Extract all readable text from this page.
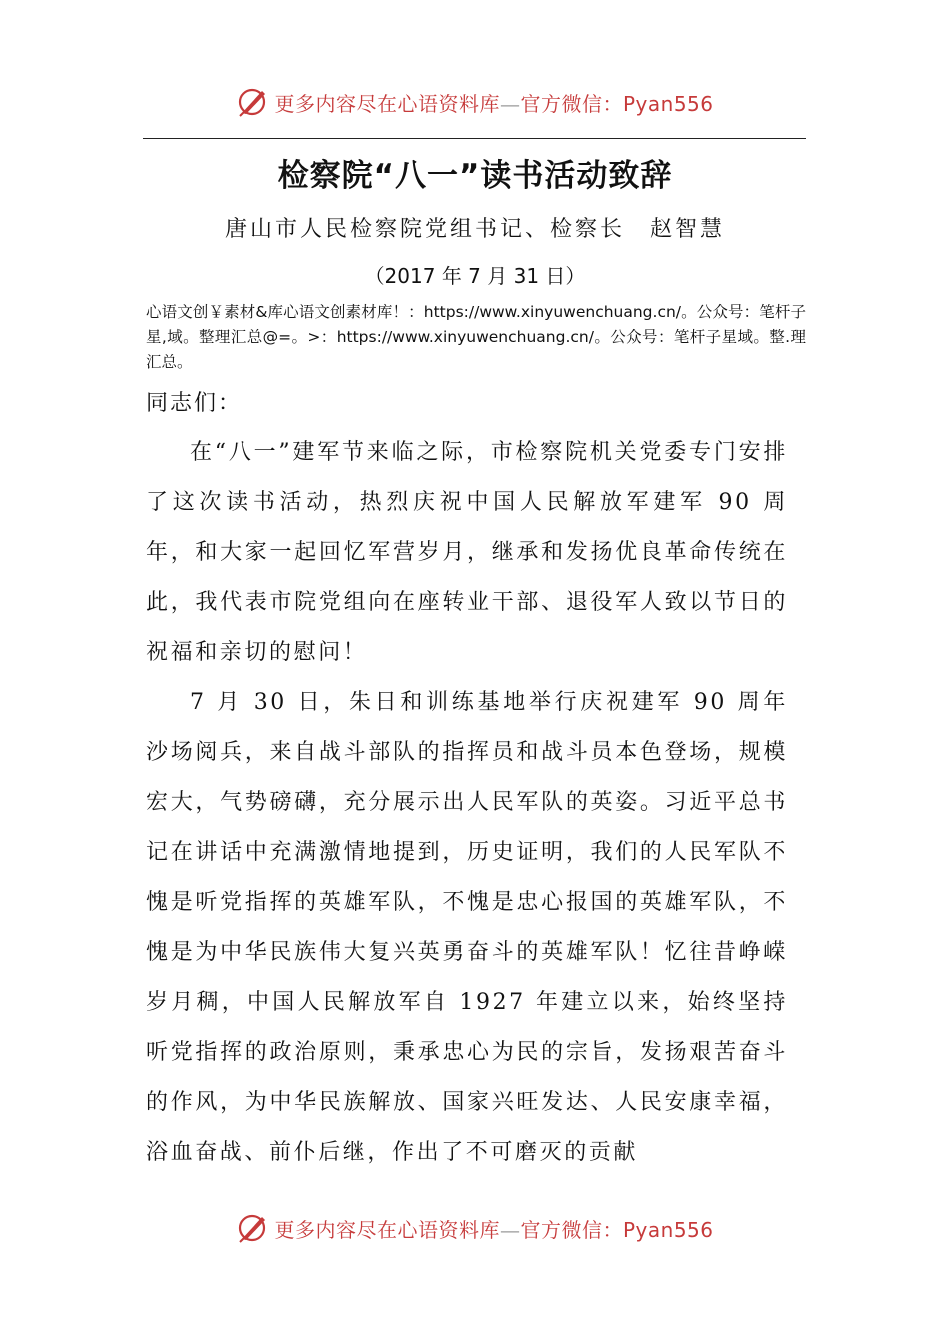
更多内容尽在心语资料库—官方微信：Pyan556
检察院“八一”读书活动致辞
唐山市人民检察院党组书记、检察长　赵智慧
（2017 年 7 月 31 日）
心语文创￥素材&库心语文创素材库！：https://www.xinyuwenchuang.cn/。公众号：笔杆子星,域。整理汇总@=。>：https://www.xinyuwenchuang.cn/。公众号：笔杆子星域。整.理汇总。
同志们：

在“八一”建军节来临之际，市检察院机关党委专门安排了这次读书活动，热烈庆祝中国人民解放军建军 90 周年，和大家一起回忆军营岁月，继承和发扬优良革命传统在此，我代表市院党组向在座转业干部、退役军人致以节日的祝福和亲切的慰问！

7 月 30 日，朱日和训练基地举行庆祝建军 90 周年沙场阅兵，来自战斗部队的指挥员和战斗员本色登场，规模宏大，气势磅礴，充分展示出人民军队的英姿。习近平总书记在讲话中充满激情地提到，历史证明，我们的人民军队不愧是听党指挥的英雄军队，不愧是忠心报国的英雄军队，不愧是为中华民族伟大复兴英勇奋斗的英雄军队！忆往昔峥嵘岁月稠，中国人民解放军自 1927 年建立以来，始终坚持听党指挥的政治原则，秉承忠心为民的宗旨，发扬艰苦奋斗的作风，为中华民族解放、国家兴旺发达、人民安康幸福，浴血奋战、前仆后继，作出了不可磨灭的贡献

更多内容尽在心语资料库—官方微信：Pyan556
